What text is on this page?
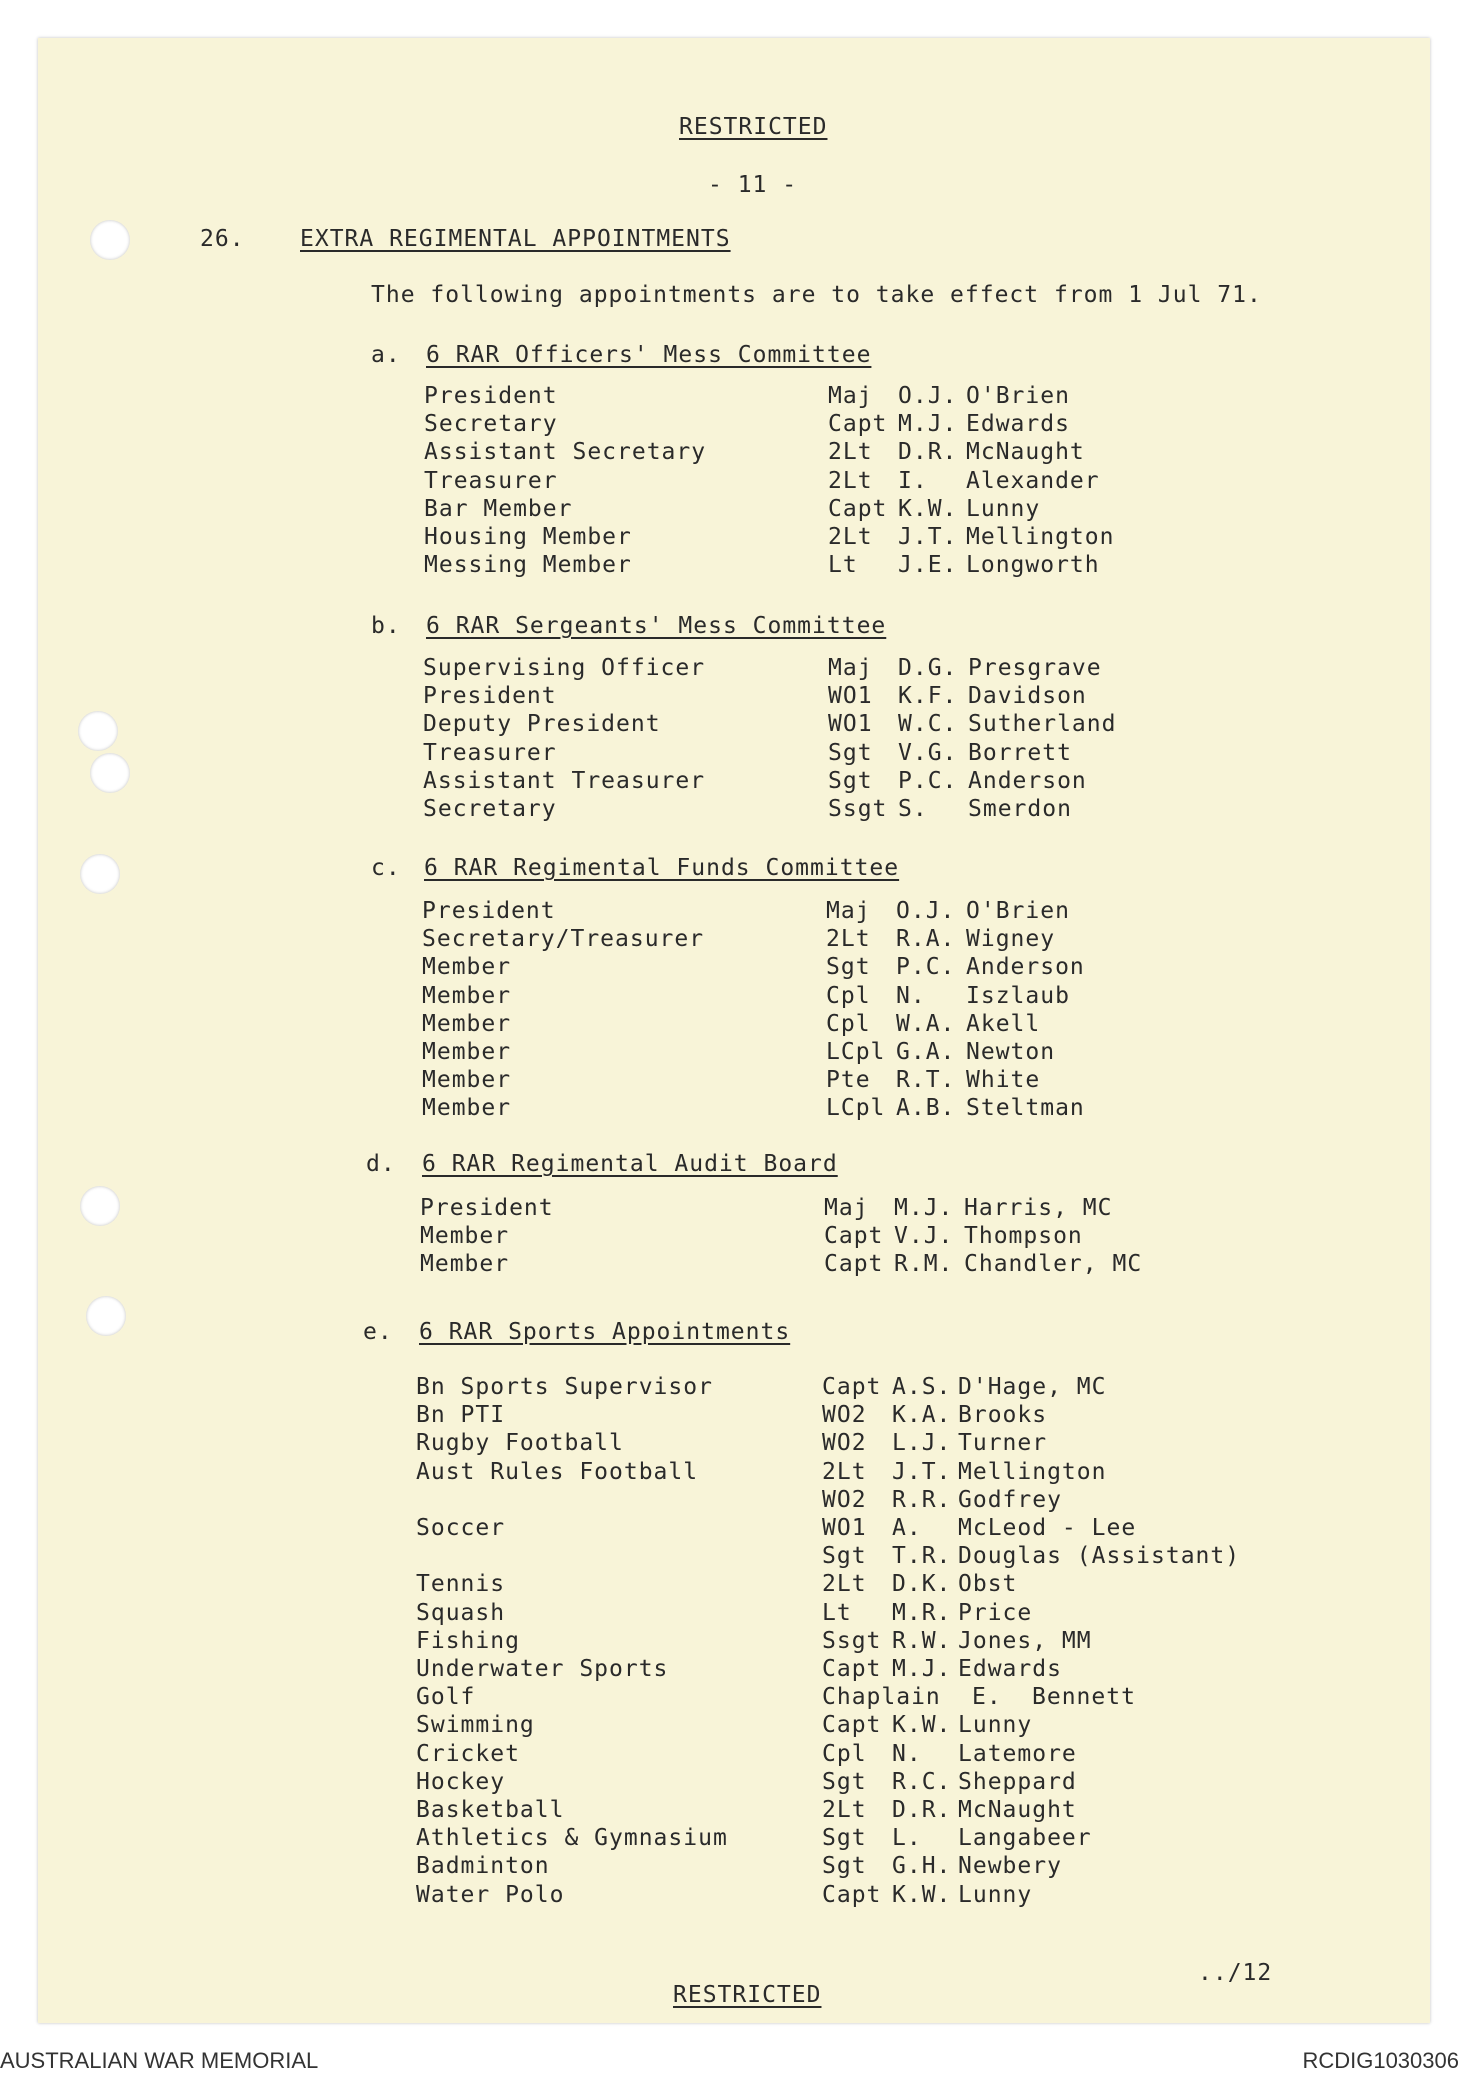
RESTRICTED
- 11 -
26. EXTRA REGIMENTAL APPOINTMENTS
The following appointments are to take effect from 1 Jul 71.
a. 6 RAR Officers' Mess Committee
President	Maj O.J. O'Brien
Secretary	Capt M.J. Edwards
Assistant Secretary	2Lt D.R. McNaught
Treasurer	2Lt I. Alexander
Bar Member	Capt K.W. Lunny
Housing Member	2Lt J.T. Mellington
Messing Member	Lt J.E. Longworth
b. 6 RAR Sergeants' Mess Committee
Supervising Officer	Maj D.G. Presgrave
President	WO1 K.F. Davidson
Deputy President	WO1 W.C. Sutherland
Treasurer	Sgt V.G. Borrett
Assistant Treasurer	Sgt P.C. Anderson
Secretary	Ssgt S. Smerdon
c. 6 RAR Regimental Funds Committee
President	Maj O.J. O'Brien
Secretary/Treasurer	2Lt R.A. Wigney
Member	Sgt P.C. Anderson
Member	Cpl N. Iszlaub
Member	Cpl W.A. Akell
Member	LCpl G.A. Newton
Member	Pte R.T. White
Member	LCpl A.B. Steltman
d. 6 RAR Regimental Audit Board
President	Maj M.J. Harris, MC
Member	Capt V.J. Thompson
Member	Capt R.M. Chandler, MC
e. 6 RAR Sports Appointments
Bn Sports Supervisor	Capt A.S. D'Hage, MC
Bn PTI	WO2 K.A. Brooks
Rugby Football	WO2 L.J. Turner
Aust Rules Football	2Lt J.T. Mellington
WO2 R.R. Godfrey
Soccer	WO1 A. McLeod - Lee
Sgt T.R. Douglas (Assistant)
Tennis	2Lt D.K. Obst
Squash	Lt M.R. Price
Fishing	Ssgt R.W. Jones, MM
Underwater Sports	Capt M.J. Edwards
Golf	Chaplain E. Bennett
Swimming	Capt K.W. Lunny
Cricket	Cpl N. Latemore
Hockey	Sgt R.C. Sheppard
Basketball	2Lt D.R. McNaught
Athletics & Gymnasium	Sgt L. Langabeer
Badminton	Sgt G.H. Newbery
Water Polo	Capt K.W. Lunny
../12
RESTRICTED
AUSTRALIAN WAR MEMORIAL	RCDIG1030306
